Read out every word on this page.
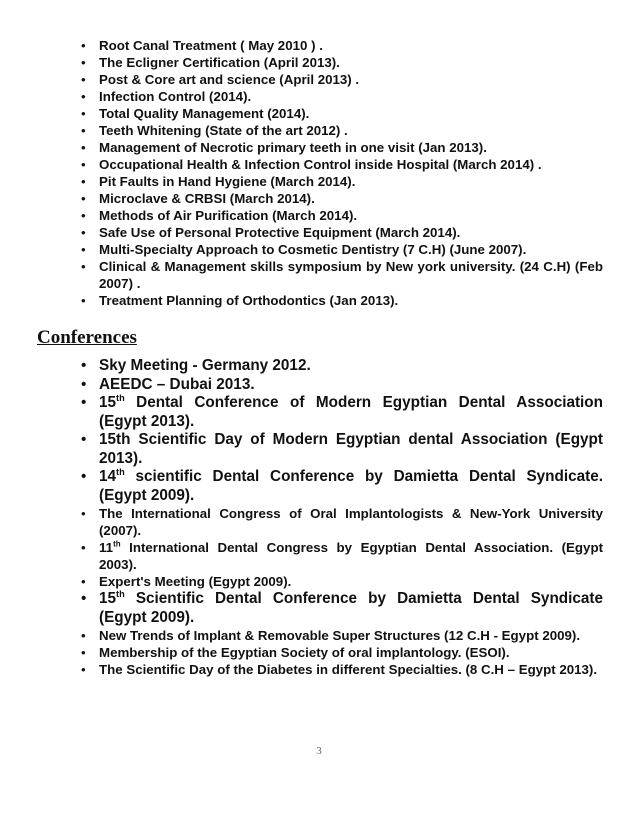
• Root Canal Treatment ( May 2010 ) .
• The Ecligner Certification (April 2013).
• Post & Core art and science (April 2013) .
• Infection Control (2014).
• Total Quality Management (2014).
• Teeth Whitening (State of the art 2012) .
• Management of Necrotic primary teeth in one visit (Jan 2013).
• Occupational Health & Infection Control inside Hospital (March 2014) .
• Pit Faults in Hand Hygiene (March 2014).
• Microclave & CRBSI (March 2014).
• Methods of Air Purification (March 2014).
• Safe Use of Personal Protective Equipment (March 2014).
• Multi-Specialty Approach to Cosmetic Dentistry (7 C.H) (June 2007).
• Clinical & Management skills symposium by New york university. (24 C.H) (Feb 2007) .
• Treatment Planning of Orthodontics (Jan 2013).
Conferences
• Sky Meeting - Germany 2012.
• AEEDC – Dubai 2013.
• 15th Dental Conference of Modern Egyptian Dental Association (Egypt 2013).
• 15th Scientific Day of Modern Egyptian dental Association (Egypt 2013).
• 14th scientific Dental Conference by Damietta Dental Syndicate. (Egypt 2009).
• The International Congress of Oral Implantologists & New-York University (2007).
• 11th International Dental Congress by Egyptian Dental Association. (Egypt 2003).
• Expert's Meeting (Egypt 2009).
• 15th Scientific Dental Conference by Damietta Dental Syndicate (Egypt 2009).
• New Trends of Implant & Removable Super Structures (12 C.H - Egypt 2009).
• Membership of the Egyptian Society of oral implantology. (ESOI).
• The Scientific Day of the Diabetes in different Specialties. (8 C.H – Egypt 2013).
3
